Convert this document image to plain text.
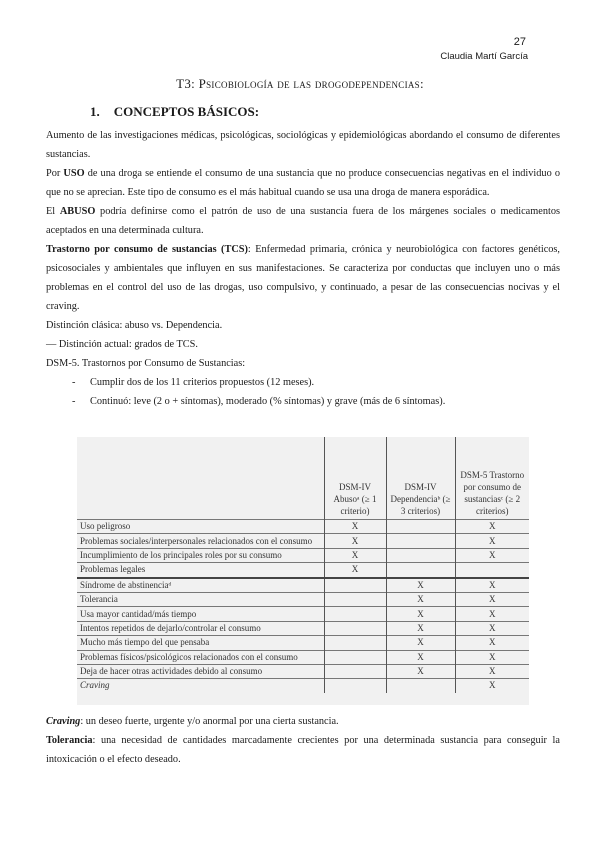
27
Claudia Martí García
T3: Psicobiología de las drogodependencias:
1. CONCEPTOS BÁSICOS:

Aumento de las investigaciones médicas, psicológicas, sociológicas y epidemiológicas abordando el consumo de diferentes sustancias.

Por USO de una droga se entiende el consumo de una sustancia que no produce consecuencias negativas en el individuo o que no se aprecian. Este tipo de consumo es el más habitual cuando se usa una droga de manera esporádica.

El ABUSO podría definirse como el patrón de uso de una sustancia fuera de los márgenes sociales o medicamentos aceptados en una determinada cultura.

Trastorno por consumo de sustancias (TCS): Enfermedad primaria, crónica y neurobiológica con factores genéticos, psicosociales y ambientales que influyen en sus manifestaciones. Se caracteriza por conductas que incluyen uno o más problemas en el control del uso de las drogas, uso compulsivo, y continuado, a pesar de las consecuencias nocivas y el craving.

Distinción clásica: abuso vs. Dependencia.

— Distinción actual: grados de TCS.

DSM-5. Trastornos por Consumo de Sustancias:

- Cumplir dos de los 11 criterios propuestos (12 meses).
- Continuó: leve (2 o + síntomas), moderado (% síntomas) y grave (más de 6 síntomas).
	DSM-IV Abusoᵃ (≥ 1 criterio)	DSM-IV Dependenciaᵇ (≥ 3 criterios)	DSM-5 Trastorno por consumo de sustanciasᶜ (≥ 2 criterios)
Uso peligroso	X		X
Problemas sociales/interpersonales relacionados con el consumo	X		X
Incumplimiento de los principales roles por su consumo	X		X
Problemas legales	X		
Síndrome de abstinenciaᵈ		X	X
Tolerancia		X	X
Usa mayor cantidad/más tiempo		X	X
Intentos repetidos de dejarlo/controlar el consumo		X	X
Mucho más tiempo del que pensaba		X	X
Problemas físicos/psicológicos relacionados con el consumo		X	X
Deja de hacer otras actividades debido al consumo		X	X
Craving			X

Craving: un deseo fuerte, urgente y/o anormal por una cierta sustancia.

Tolerancia: una necesidad de cantidades marcadamente crecientes por una determinada sustancia para conseguir la intoxicación o el efecto deseado.
